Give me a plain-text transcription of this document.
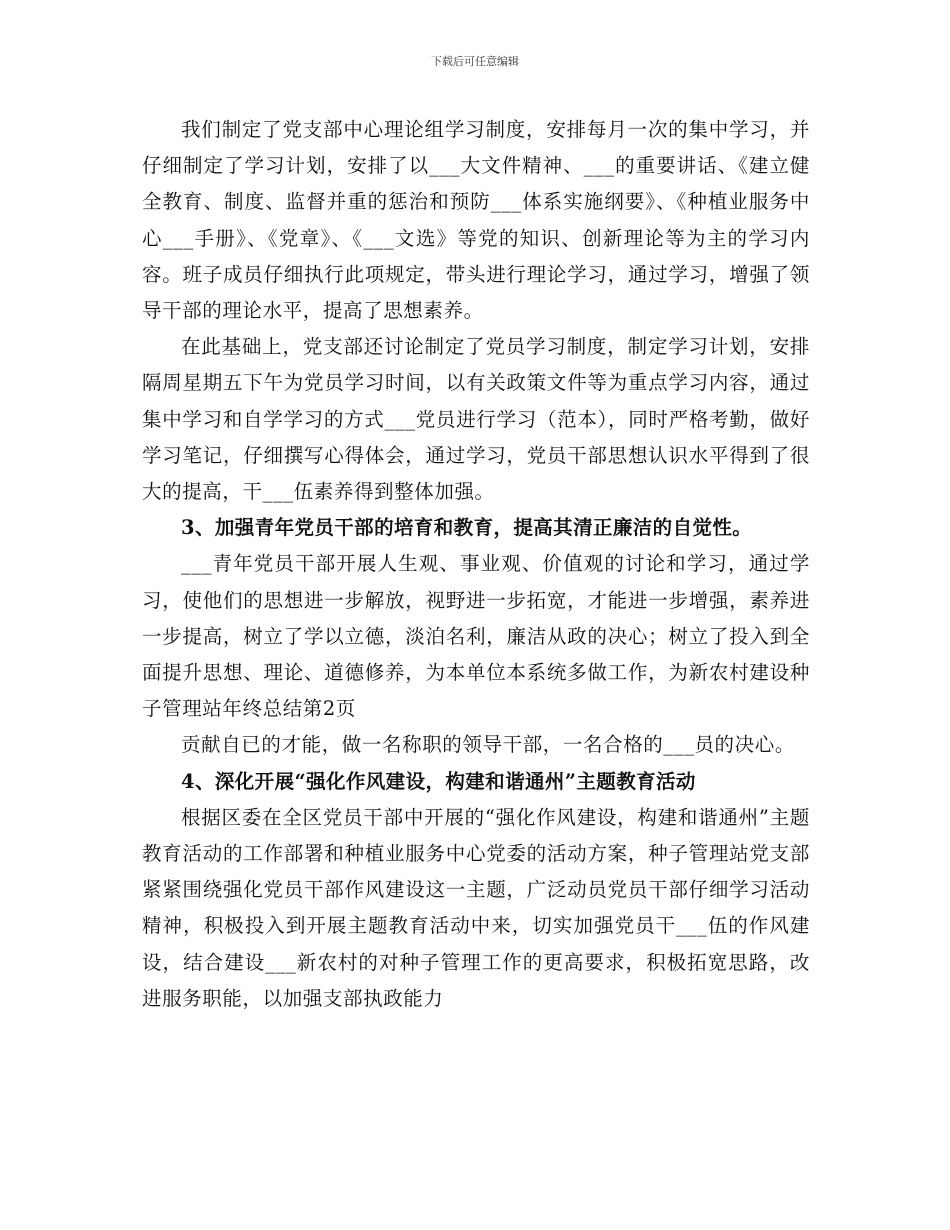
下载后可任意编辑

我们制定了党支部中心理论组学习制度，安排每月一次的集中学习，并仔细制定了学习计划，安排了以___大文件精神、___的重要讲话、《建立健全教育、制度、监督并重的惩治和预防___体系实施纲要》、《种植业服务中心___手册》、《党章》、《___文选》等党的知识、创新理论等为主的学习内容。班子成员仔细执行此项规定，带头进行理论学习，通过学习，增强了领导干部的理论水平，提高了思想素养。

在此基础上，党支部还讨论制定了党员学习制度，制定学习计划，安排隔周星期五下午为党员学习时间，以有关政策文件等为重点学习内容，通过集中学习和自学学习的方式___党员进行学习（范本），同时严格考勤，做好学习笔记，仔细撰写心得体会，通过学习，党员干部思想认识水平得到了很大的提高，干___伍素养得到整体加强。

3、加强青年党员干部的培育和教育，提高其清正廉洁的自觉性。

___青年党员干部开展人生观、事业观、价值观的讨论和学习，通过学习，使他们的思想进一步解放，视野进一步拓宽，才能进一步增强，素养进一步提高，树立了学以立德，淡泊名利，廉洁从政的决心；树立了投入到全面提升思想、理论、道德修养，为本单位本系统多做工作，为新农村建设种子管理站年终总结第2页

贡献自已的才能，做一名称职的领导干部，一名合格的___员的决心。

4、深化开展“强化作风建设，构建和谐通州”主题教育活动

根据区委在全区党员干部中开展的“强化作风建设，构建和谐通州”主题教育活动的工作部署和种植业服务中心党委的活动方案，种子管理站党支部紧紧围绕强化党员干部作风建设这一主题，广泛动员党员干部仔细学习活动精神，积极投入到开展主题教育活动中来，切实加强党员干___伍的作风建设，结合建设___新农村的对种子管理工作的更高要求，积极拓宽思路，改进服务职能，以加强支部执政能力
